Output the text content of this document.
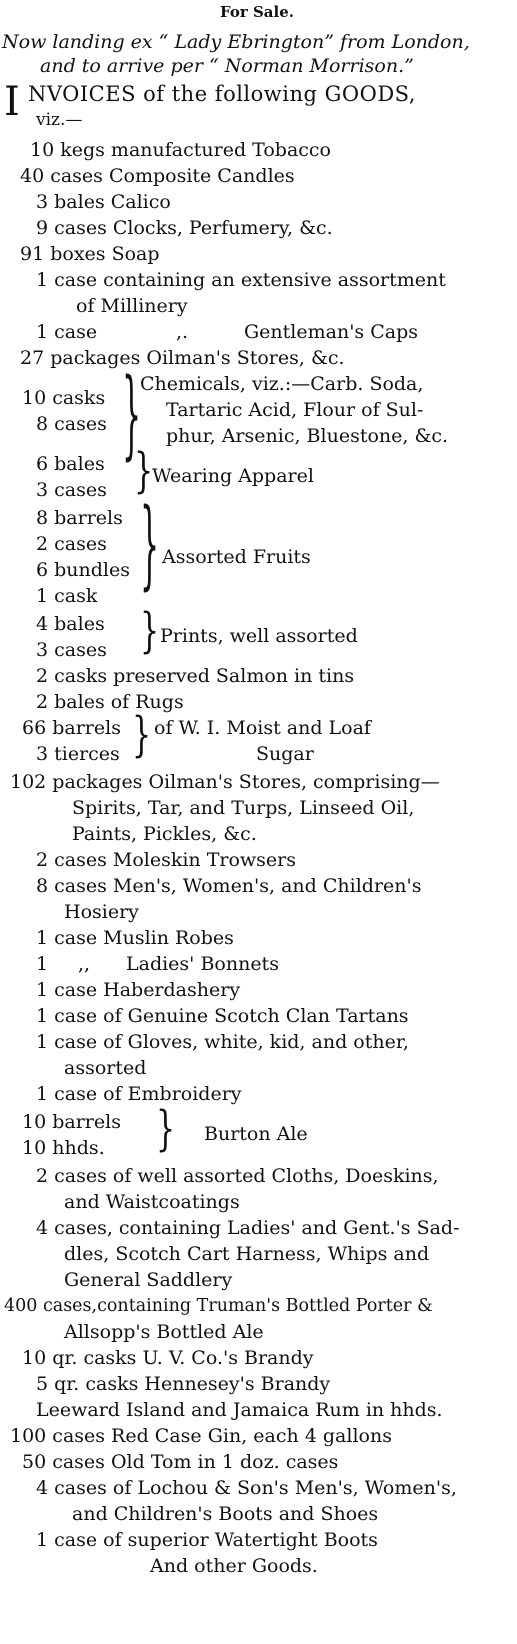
For Sale.
Now landing ex “ Lady Ebrington” from London,
and to arrive per “ Norman Morrison.”
I NVOICES of the following GOODS,
viz.—
10 kegs manufactured Tobacco
40 cases Composite Candles
3 bales Calico
9 cases Clocks, Perfumery, &c.
91 boxes Soap
1 case containing an extensive assortment
of Millinery
1 case	,.	Gentleman's Caps
27 packages Oilman's Stores, &c.
10 casks
8 cases }
Chemicals, viz.:—Carb. Soda,
Tartaric Acid, Flour of Sul-
phur, Arsenic, Bluestone, &c.
6 bales
3 cases }
Wearing Apparel
8 barrels
2 cases
6 bundles
1 cask } Assorted Fruits
4 bales
3 cases } Prints, well assorted
2 casks preserved Salmon in tins
2 bales of Rugs
66 barrels
3 tierces } of W. I. Moist and Loaf
Sugar
102 packages Oilman's Stores, comprising—
Spirits, Tar, and Turps, Linseed Oil,
Paints, Pickles, &c.
2 cases Moleskin Trowsers
8 cases Men's, Women's, and Children's
Hosiery
1 case Muslin Robes
1 ,, Ladies' Bonnets
1 case Haberdashery
1 case of Genuine Scotch Clan Tartans
1 case of Gloves, white, kid, and other,
assorted
1 case of Embroidery
10 barrels
10 hhds. } Burton Ale
2 cases of well assorted Cloths, Doeskins,
and Waistcoatings
4 cases, containing Ladies' and Gent.'s Sad-
dles, Scotch Cart Harness, Whips and
General Saddlery
400 cases,containing Truman's Bottled Porter &
Allsopp's Bottled Ale
10 qr. casks U. V. Co.'s Brandy
5 qr. casks Hennesey's Brandy
Leeward Island and Jamaica Rum in hhds.
100 cases Red Case Gin, each 4 gallons
50 cases Old Tom in 1 doz. cases
4 cases of Lochou & Son's Men's, Women's,
and Children's Boots and Shoes
1 case of superior Watertight Boots
And other Goods.
